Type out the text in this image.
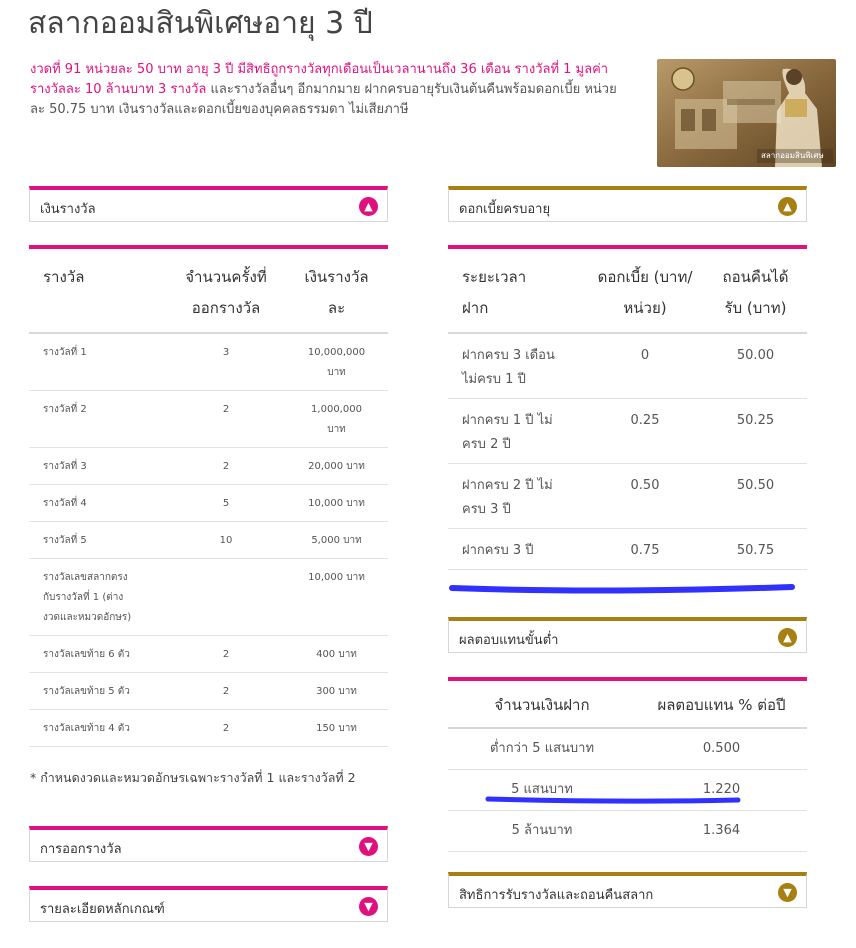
สลากออมสินพิเศษอายุ 3 ปี
งวดที่ 91 หน่วยละ 50 บาท อายุ 3 ปี มีสิทธิถูกรางวัลทุกเดือนเป็นเวลานานถึง 36 เดือน รางวัลที่ 1 มูลค่ารางวัลละ 10 ล้านบาท 3 รางวัล และรางวัลอื่นๆ อีกมากมาย ฝากครบอายุรับเงินต้นคืนพร้อมดอกเบี้ย หน่วยละ 50.75 บาท เงินรางวัลและดอกเบี้ยของบุคคลธรรมดา ไม่เสียภาษี
สลากออมสินพิเศษ
เงินรางวัล	▲
รางวัล	จำนวนครั้งที่ออกรางวัล	เงินรางวัลละ

รางวัลที่ 1	3	10,000,000 บาท

รางวัลที่ 2	2	1,000,000 บาท

รางวัลที่ 3	2	20,000 บาท
รางวัลที่ 4	5	10,000 บาท
รางวัลที่ 5	10	5,000 บาท

รางวัลเลขสลากตรงกับรางวัลที่ 1 (ต่างงวดและหมวดอักษร)		10,000 บาท
รางวัลเลขท้าย 6 ตัว	2	400 บาท
รางวัลเลขท้าย 5 ตัว	2	300 บาท
รางวัลเลขท้าย 4 ตัว	2	150 บาท
* กำหนดงวดและหมวดอักษรเฉพาะรางวัลที่ 1 และรางวัลที่ 2
การออกรางวัล	▼
รายละเอียดหลักเกณฑ์	▼
ดอกเบี้ยครบอายุ	▲
ระยะเวลาฝาก	ดอกเบี้ย (บาท/หน่วย)	ถอนคืนได้รับ (บาท)

ฝากครบ 3 เดือน ไม่ครบ 1 ปี	0	50.00

ฝากครบ 1 ปี ไม่ครบ 2 ปี	0.25	50.25

ฝากครบ 2 ปี ไม่ครบ 3 ปี	0.50	50.50
ฝากครบ 3 ปี	0.75	50.75
ผลตอบแทนขั้นต่ำ	▲
จำนวนเงินฝาก	ผลตอบแทน % ต่อปี
ต่ำกว่า 5 แสนบาท	0.500
5 แสนบาท	1.220
5 ล้านบาท	1.364
สิทธิการรับรางวัลและถอนคืนสลาก	▼
